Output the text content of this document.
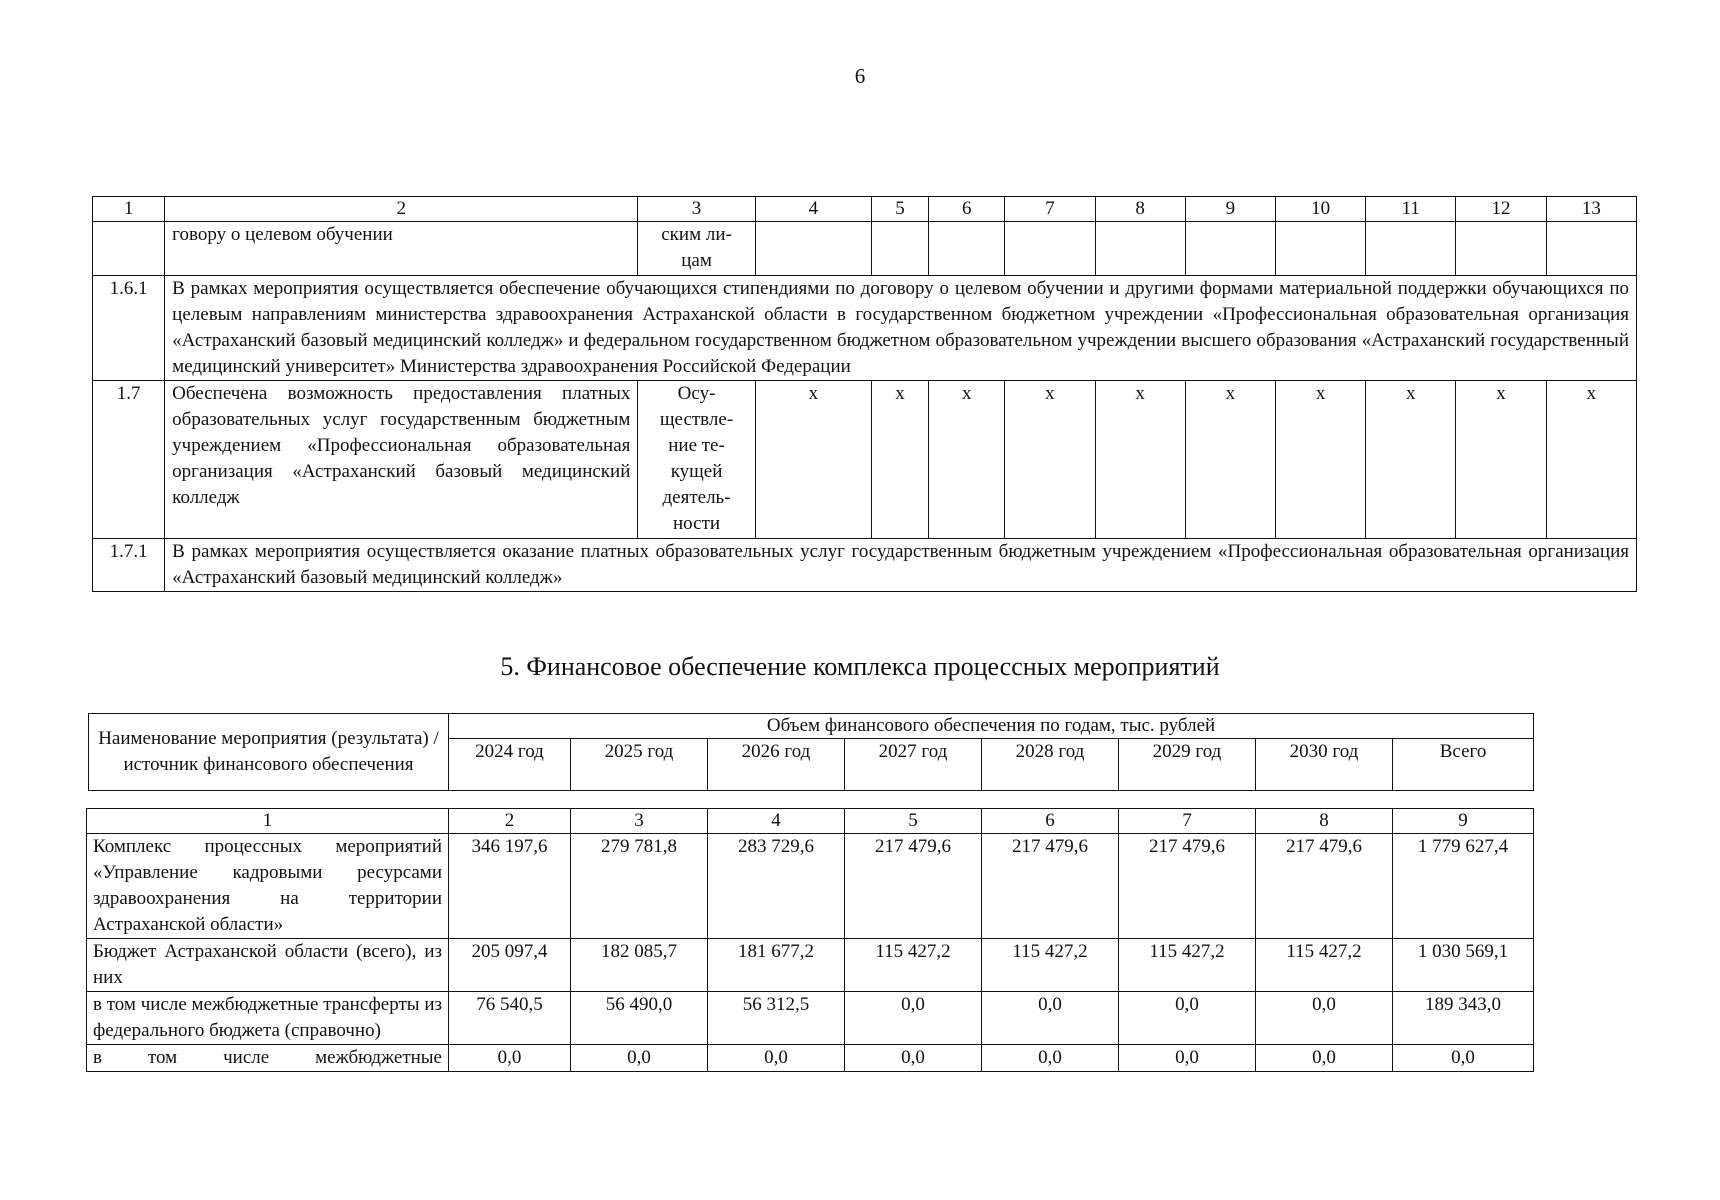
6
1	2	3	4	5	6	7	8	9	10	11	12	13
	говору о целевом обучении	ским ли- цам										
1.6.1	В рамках мероприятия осуществляется обеспечение обучающихся стипендиями по договору о целевом обучении и другими формами материальной поддержки обучающихся по целевым направлениям министерства здравоохранения Астраханской области в государственном бюджетном учреждении «Профессиональная образовательная организация «Астраханский базовый медицинский колледж» и федеральном государственном бюджетном образовательном учреждении высшего образования «Астраханский государственный медицинский университет» Министерства здравоохранения Российской Федерации											
1.7	Обеспечена возможность предоставления платных образовательных услуг государственным бюджетным учреждением «Профессиональная образовательная организация «Астраханский базовый медицинский колледж	Осу- ществле- ние те- кущей деятель- ности	x	x	x	x	x	x	x	x	x	x
1.7.1	В рамках мероприятия осуществляется оказание платных образовательных услуг государственным бюджетным учреждением «Профессиональная образовательная организация «Астраханский базовый медицинский колледж»											
5. Финансовое обеспечение комплекса процессных мероприятий
Наименование мероприятия (результата) / источник финансового обеспечения	Объем финансового обеспечения по годам, тыс. рублей							
	2024 год	2025 год	2026 год	2027 год	2028 год	2029 год	2030 год	Всего
1	2	3	4	5	6	7	8	9
Комплекс процессных мероприятий «Управление кадровыми ресурсами здравоохранения на территории Астраханской области»	346 197,6	279 781,8	283 729,6	217 479,6	217 479,6	217 479,6	217 479,6	1 779 627,4
Бюджет Астраханской области (всего), из них	205 097,4	182 085,7	181 677,2	115 427,2	115 427,2	115 427,2	115 427,2	1 030 569,1
в том числе межбюджетные трансферты из федерального бюджета (справочно)	76 540,5	56 490,0	56 312,5	0,0	0,0	0,0	0,0	189 343,0
в том числе межбюджетные	0,0	0,0	0,0	0,0	0,0	0,0	0,0	0,0
